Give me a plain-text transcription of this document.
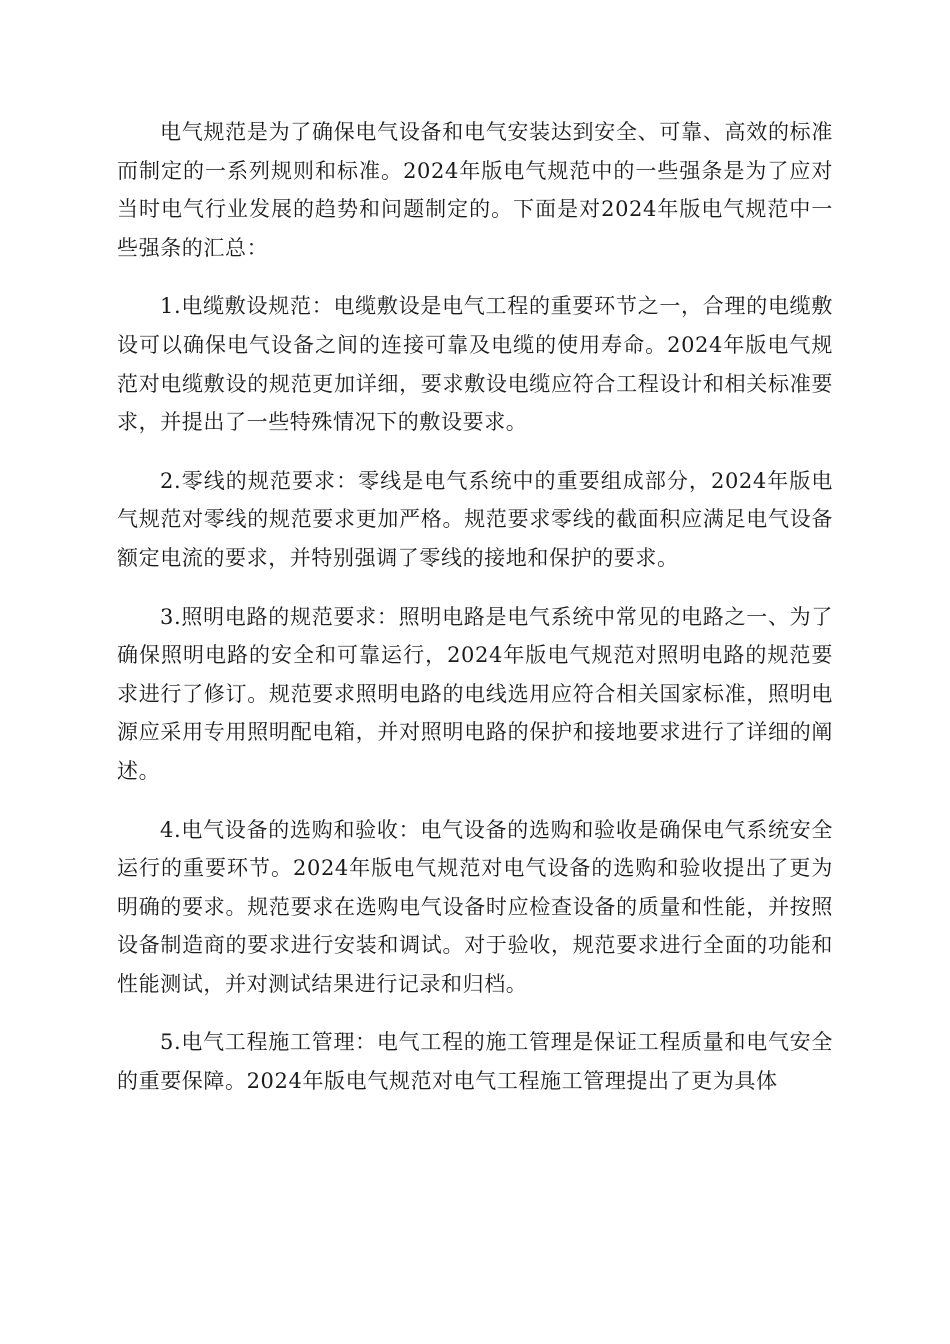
电气规范是为了确保电气设备和电气安装达到安全、可靠、高效的标准而制定的一系列规则和标准。2024年版电气规范中的一些强条是为了应对当时电气行业发展的趋势和问题制定的。下面是对2024年版电气规范中一些强条的汇总：

1.电缆敷设规范：电缆敷设是电气工程的重要环节之一，合理的电缆敷设可以确保电气设备之间的连接可靠及电缆的使用寿命。2024年版电气规范对电缆敷设的规范更加详细，要求敷设电缆应符合工程设计和相关标准要求，并提出了一些特殊情况下的敷设要求。

2.零线的规范要求：零线是电气系统中的重要组成部分，2024年版电气规范对零线的规范要求更加严格。规范要求零线的截面积应满足电气设备额定电流的要求，并特别强调了零线的接地和保护的要求。

3.照明电路的规范要求：照明电路是电气系统中常见的电路之一、为了确保照明电路的安全和可靠运行，2024年版电气规范对照明电路的规范要求进行了修订。规范要求照明电路的电线选用应符合相关国家标准，照明电源应采用专用照明配电箱，并对照明电路的保护和接地要求进行了详细的阐述。

4.电气设备的选购和验收：电气设备的选购和验收是确保电气系统安全运行的重要环节。2024年版电气规范对电气设备的选购和验收提出了更为明确的要求。规范要求在选购电气设备时应检查设备的质量和性能，并按照设备制造商的要求进行安装和调试。对于验收，规范要求进行全面的功能和性能测试，并对测试结果进行记录和归档。

5.电气工程施工管理：电气工程的施工管理是保证工程质量和电气安全的重要保障。2024年版电气规范对电气工程施工管理提出了更为具体
